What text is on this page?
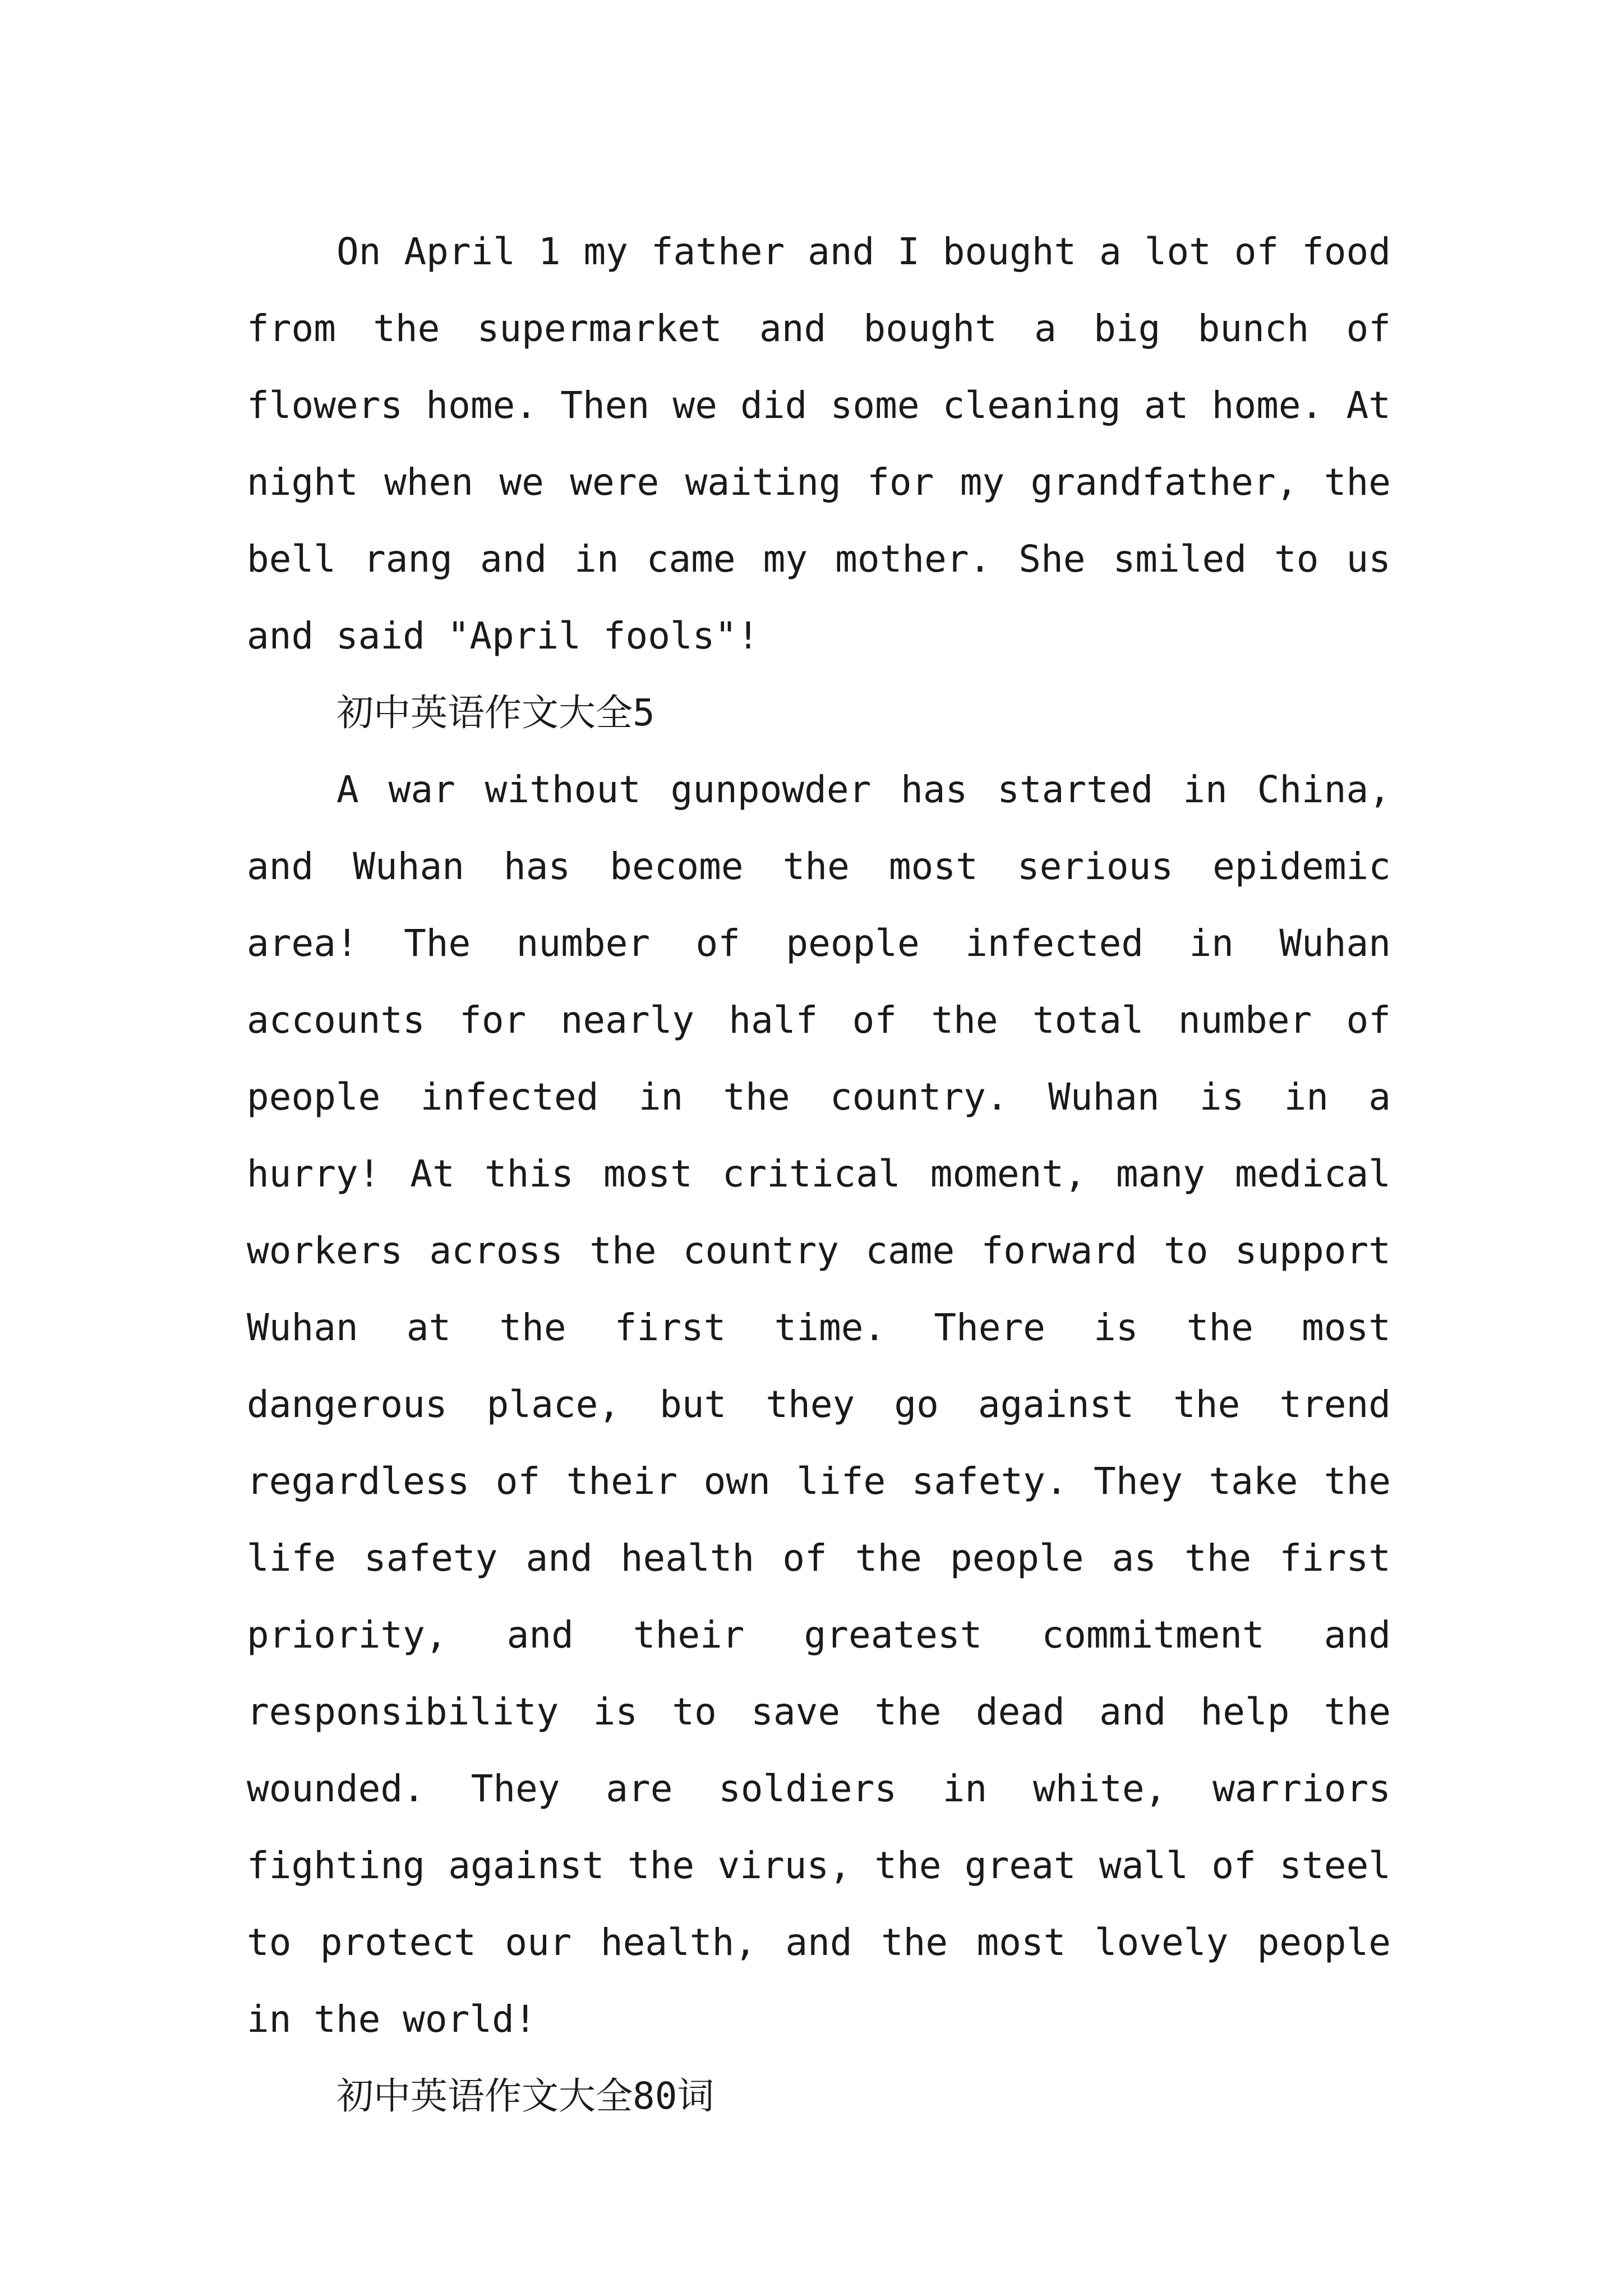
On April 1 my father and I bought a lot of food from the supermarket and bought a big bunch of flowers home. Then we did some cleaning at home. At night when we were waiting for my grandfather, the bell rang and in came my mother. She smiled to us and said "April fools"!

初中英语作文大全5

A war without gunpowder has started in China, and Wuhan has become the most serious epidemic area! The number of people infected in Wuhan accounts for nearly half of the total number of people infected in the country. Wuhan is in a hurry! At this most critical moment, many medical workers across the country came forward to support Wuhan at the first time. There is the most dangerous place, but they go against the trend regardless of their own life safety. They take the life safety and health of the people as the first priority, and their greatest commitment and responsibility is to save the dead and help the wounded. They are soldiers in white, warriors fighting against the virus, the great wall of steel to protect our health, and the most lovely people in the world!

初中英语作文大全80词
